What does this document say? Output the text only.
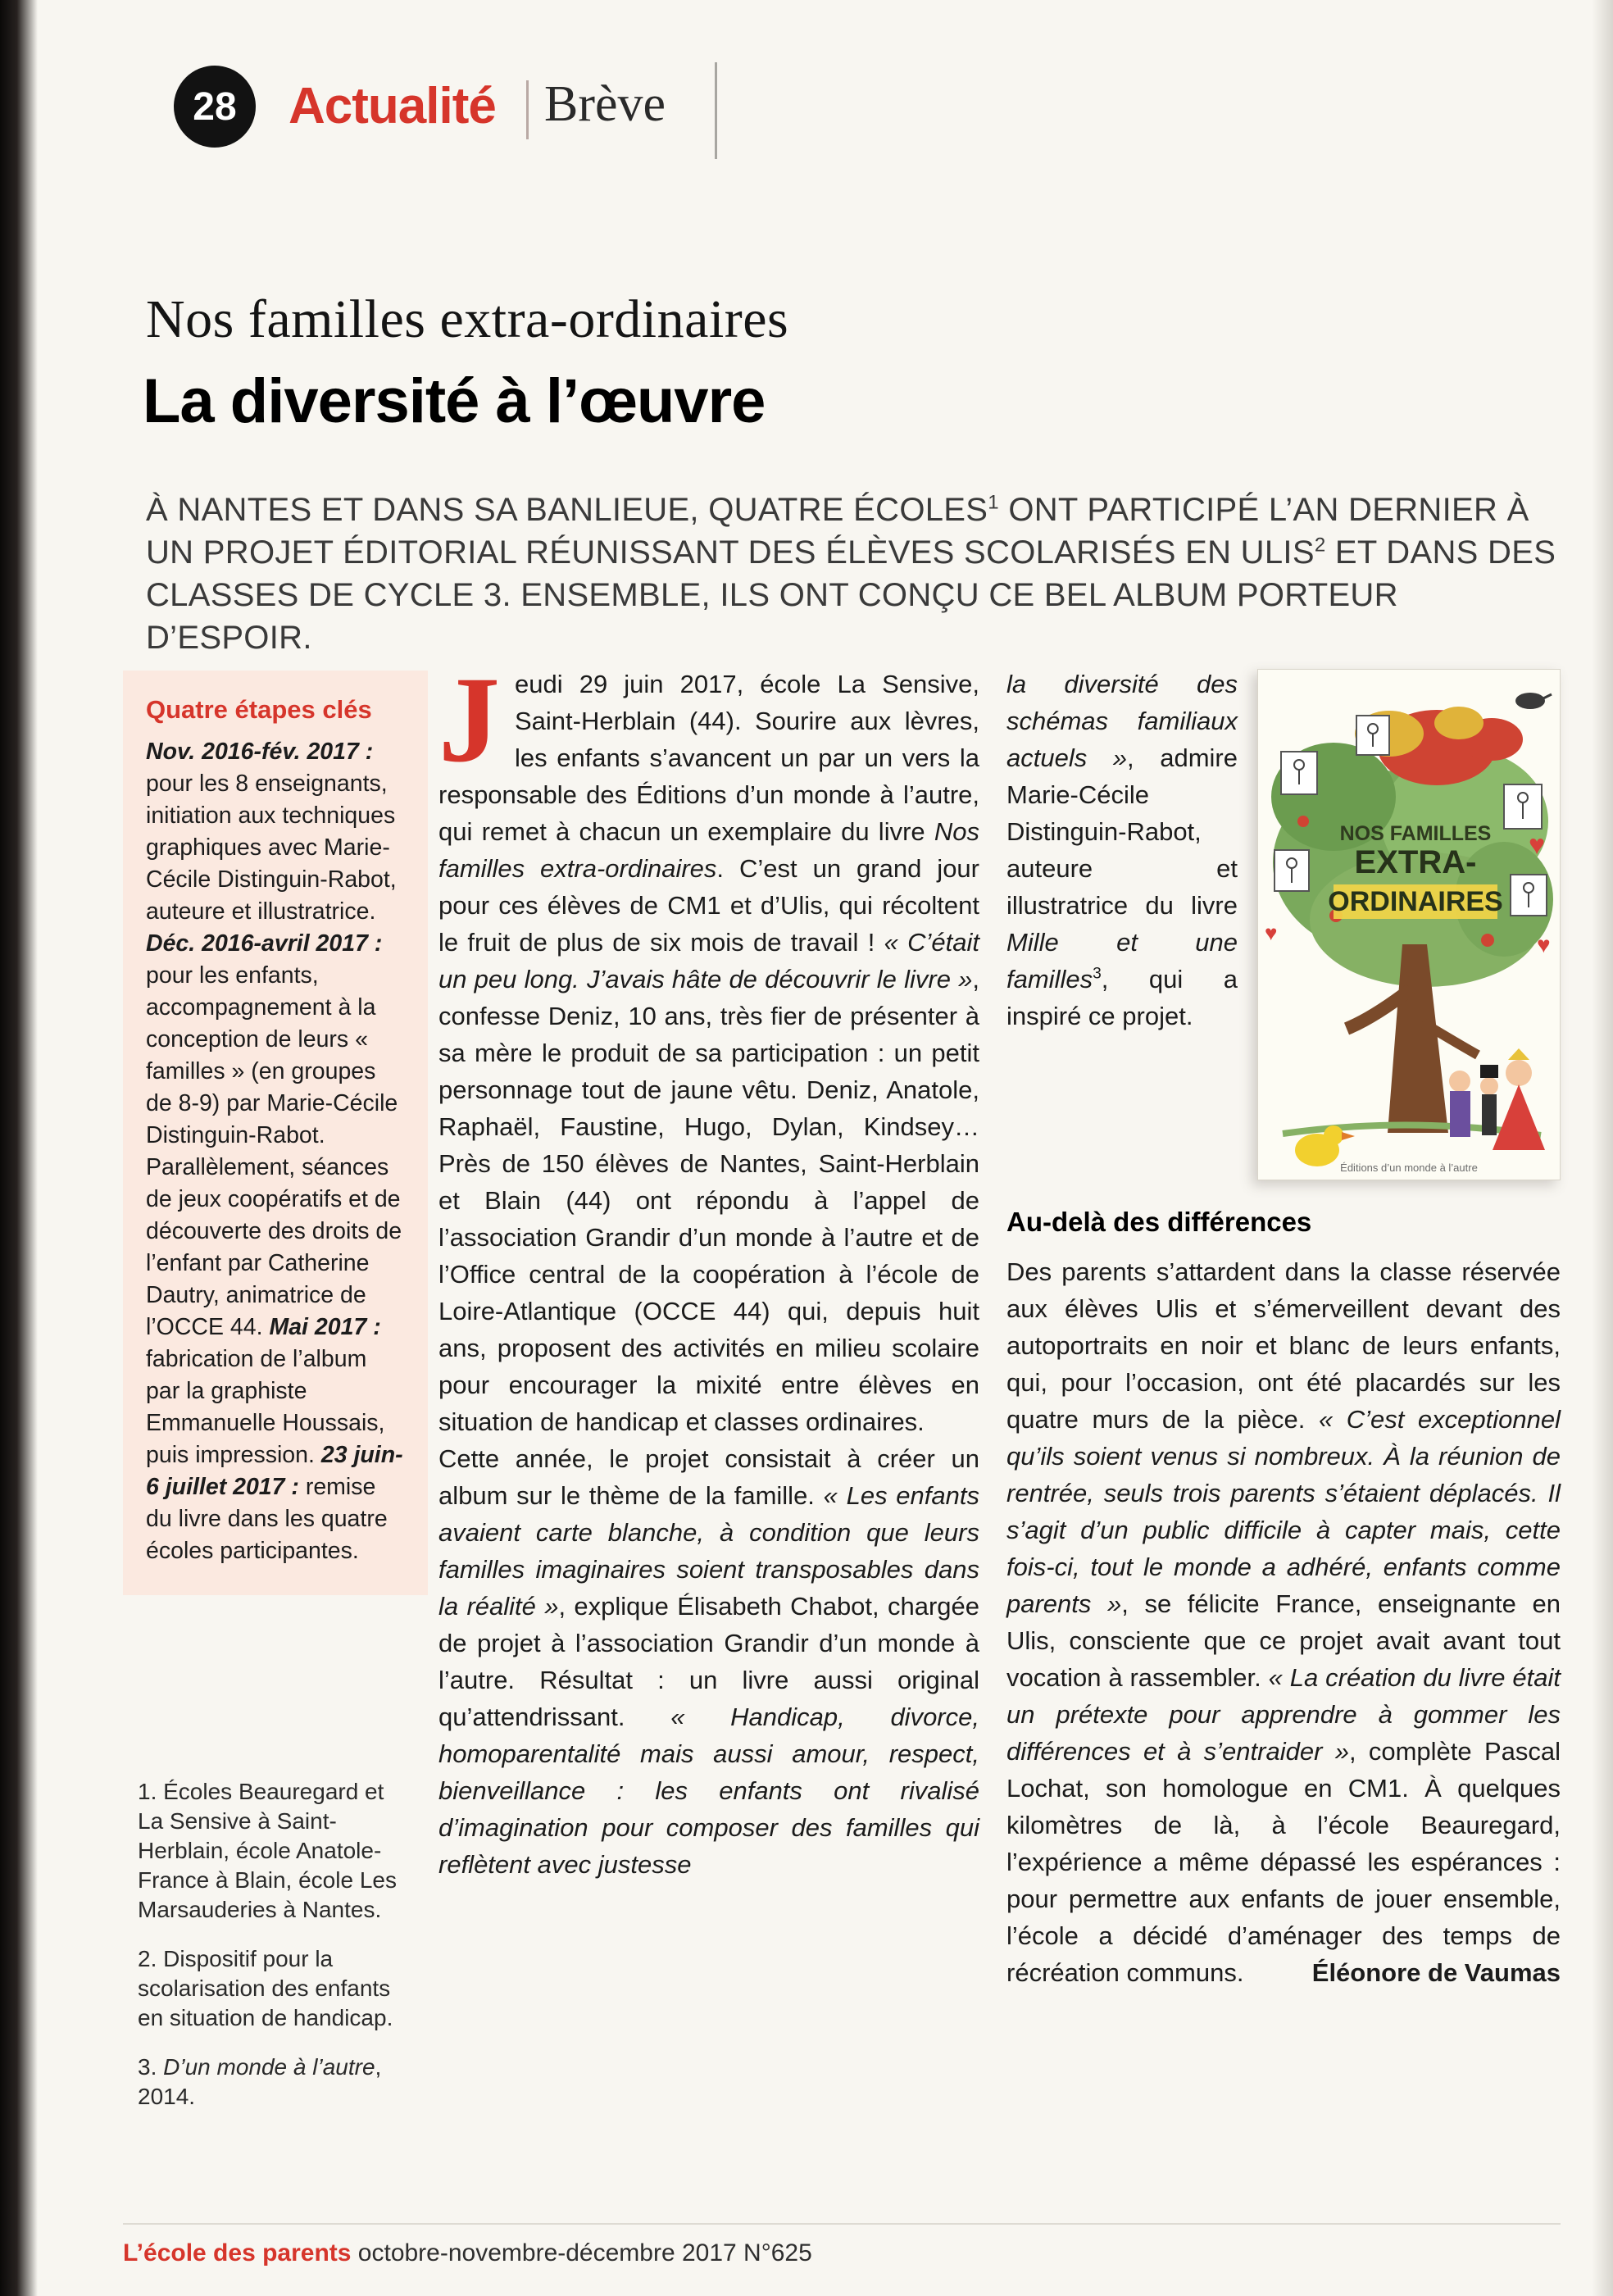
28 Actualité Brève
Nos familles extra-ordinaires
La diversité à l’œuvre
À NANTES ET DANS SA BANLIEUE, QUATRE ÉCOLES$^1$ ONT PARTICIPÉ L’AN DERNIER À UN PROJET ÉDITORIAL RÉUNISSANT DES ÉLÈVES SCOLARISÉS EN ULIS$^2$ ET DANS DES CLASSES DE CYCLE 3. ENSEMBLE, ILS ONT CONÇU CE BEL ALBUM PORTEUR D’ESPOIR.
Quatre étapes clés
Nov. 2016-fév. 2017 : pour les 8 enseignants, initiation aux techniques graphiques avec Marie-Cécile Distinguin-Rabot, auteure et illustratrice. Déc. 2016-avril 2017 : pour les enfants, accompagnement à la conception de leurs « familles » (en groupes de 8-9) par Marie-Cécile Distinguin-Rabot. Parallèlement, séances de jeux coopératifs et de découverte des droits de l’enfant par Catherine Dautry, animatrice de l’OCCE 44. Mai 2017 : fabrication de l’album par la graphiste Emmanuelle Houssais, puis impression. 23 juin-6 juillet 2017 : remise du livre dans les quatre écoles participantes.
1. Écoles Beauregard et La Sensive à Saint-Herblain, école Anatole-France à Blain, école Les Marsauderies à Nantes.
2. Dispositif pour la scolarisation des enfants en situation de handicap.
3. D’un monde à l’autre, 2014.
Jeudi 29 juin 2017, école La Sensive, Saint-Herblain (44). Sourire aux lèvres, les enfants s’avancent un par un vers la responsable des Éditions d’un monde à l’autre, qui remet à chacun un exemplaire du livre Nos familles extra-ordinaires. C’est un grand jour pour ces élèves de CM1 et d’Ulis, qui récoltent le fruit de plus de six mois de travail ! « C’était un peu long. J’avais hâte de découvrir le livre », confesse Deniz, 10 ans, très fier de présenter à sa mère le produit de sa participation : un petit personnage tout de jaune vêtu. Deniz, Anatole, Raphaël, Faustine, Hugo, Dylan, Kindsey… Près de 150 élèves de Nantes, Saint-Herblain et Blain (44) ont répondu à l’appel de l’association Grandir d’un monde à l’autre et de l’Office central de la coopération à l’école de Loire-Atlantique (OCCE 44) qui, depuis huit ans, proposent des activités en milieu scolaire pour encourager la mixité entre élèves en situation de handicap et classes ordinaires.
Cette année, le projet consistait à créer un album sur le thème de la famille. « Les enfants avaient carte blanche, à condition que leurs familles imaginaires soient transposables dans la réalité », explique Élisabeth Chabot, chargée de projet à l’association Grandir d’un monde à l’autre. Résultat : un livre aussi original qu’attendrissant. « Handicap, divorce, homoparentalité mais aussi amour, respect, bienveillance : les enfants ont rivalisé d’imagination pour composer des familles qui reflètent avec justesse
♥
♥
♥
NOS FAMILLES
EXTRA-
ORDINAIRES
Éditions d’un monde à l’autre
la diversité des schémas familiaux actuels », admire Marie-Cécile Distinguin-Rabot, auteure et illustratrice du livre Mille et une familles$^3$, qui a inspiré ce projet.
Au-delà des différences
Des parents s’attardent dans la classe réservée aux élèves Ulis et s’émerveillent devant des autoportraits en noir et blanc de leurs enfants, qui, pour l’occasion, ont été placardés sur les quatre murs de la pièce. « C’est exceptionnel qu’ils soient venus si nombreux. À la réunion de rentrée, seuls trois parents s’étaient déplacés. Il s’agit d’un public difficile à capter mais, cette fois-ci, tout le monde a adhéré, enfants comme parents », se félicite France, enseignante en Ulis, consciente que ce projet avait avant tout vocation à rassembler. « La création du livre était un prétexte pour apprendre à gommer les différences et à s’entraider », complète Pascal Lochat, son homologue en CM1. À quelques kilomètres de là, à l’école Beauregard, l’expérience a même dépassé les espérances : pour permettre aux enfants de jouer ensemble, l’école a décidé d’aménager des temps de récréation communs.	Éléonore de Vaumas
L’école des parents octobre-novembre-décembre 2017 N°625
